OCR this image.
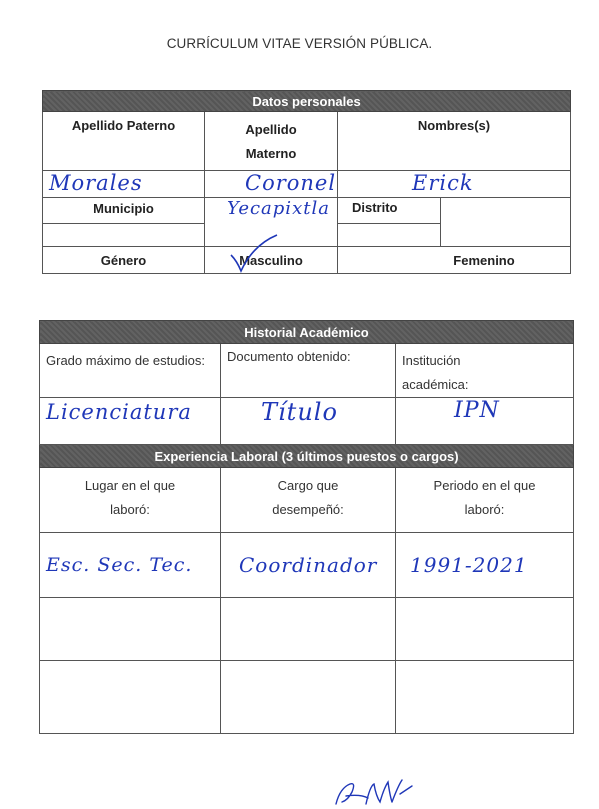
CURRÍCULUM VITAE VERSIÓN PÚBLICA.
Datos personales			
Apellido Paterno	Apellido Materno	Nombres(s)	
Morales	Coronel	Erick	
Municipio	Yecapixtla	Distrito	

Género	Masculino	Femenino	
Historial Académico		
Grado máximo de estudios:	Documento obtenido:	Institución académica:
Licenciatura	Título	IPN
Experiencia Laboral (3 últimos puestos o cargos)		
Lugar en el que laboró:	Cargo que desempeñó:	Periodo en el que laboró:
Esc. Sec. Tec.	Coordinador	1991-2021
